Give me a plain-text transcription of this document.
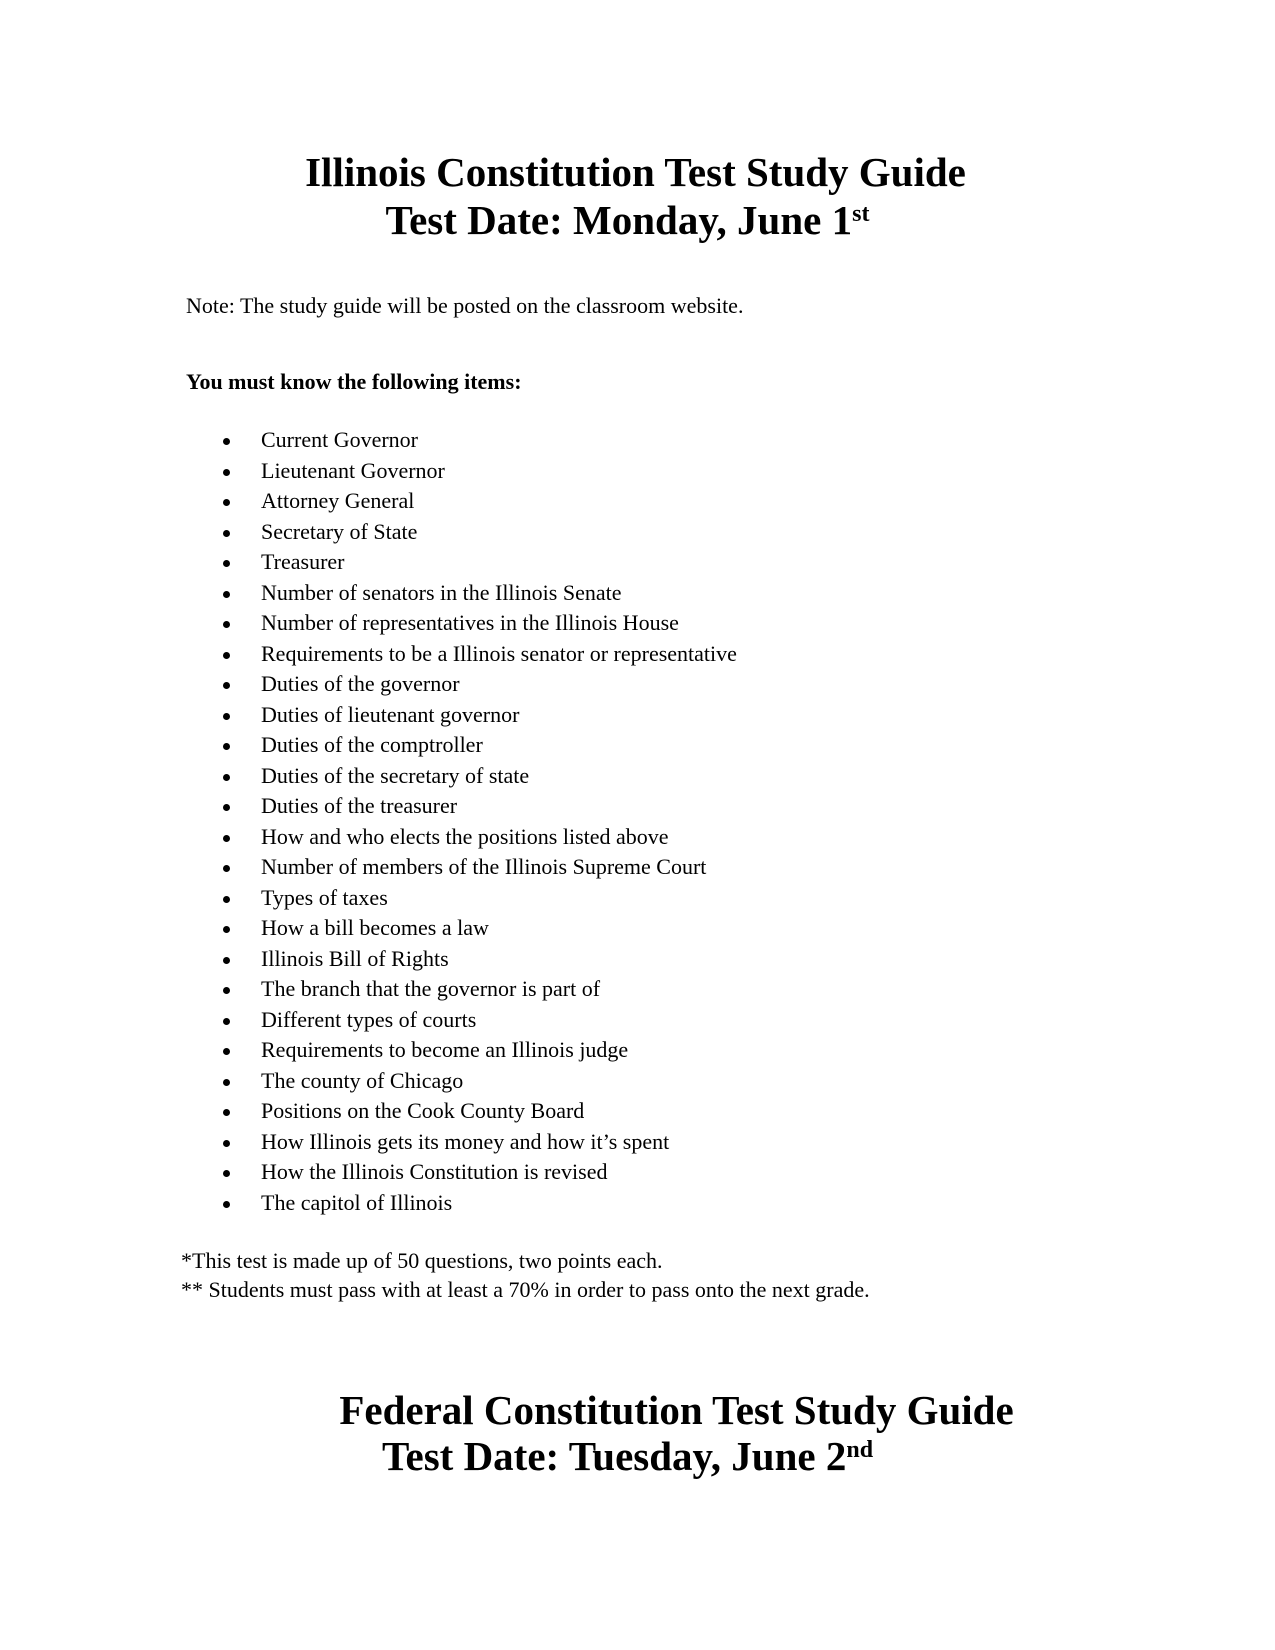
Illinois Constitution Test Study Guide
Test Date: Monday, June 1st
Note: The study guide will be posted on the classroom website.
You must know the following items:
Current Governor
Lieutenant Governor
Attorney General
Secretary of State
Treasurer
Number of senators in the Illinois Senate
Number of representatives in the Illinois House
Requirements to be a Illinois senator or representative
Duties of the governor
Duties of lieutenant governor
Duties of the comptroller
Duties of the secretary of state
Duties of the treasurer
How and who elects the positions listed above
Number of members of the Illinois Supreme Court
Types of taxes
How a bill becomes a law
Illinois Bill of Rights
The branch that the governor is part of
Different types of courts
Requirements to become an Illinois judge
The county of Chicago
Positions on the Cook County Board
How Illinois gets its money and how it’s spent
How the Illinois Constitution is revised
The capitol of Illinois
*This test is made up of 50 questions, two points each.
** Students must pass with at least a 70% in order to pass onto the next grade.
Federal Constitution Test Study Guide
Test Date: Tuesday, June 2nd
